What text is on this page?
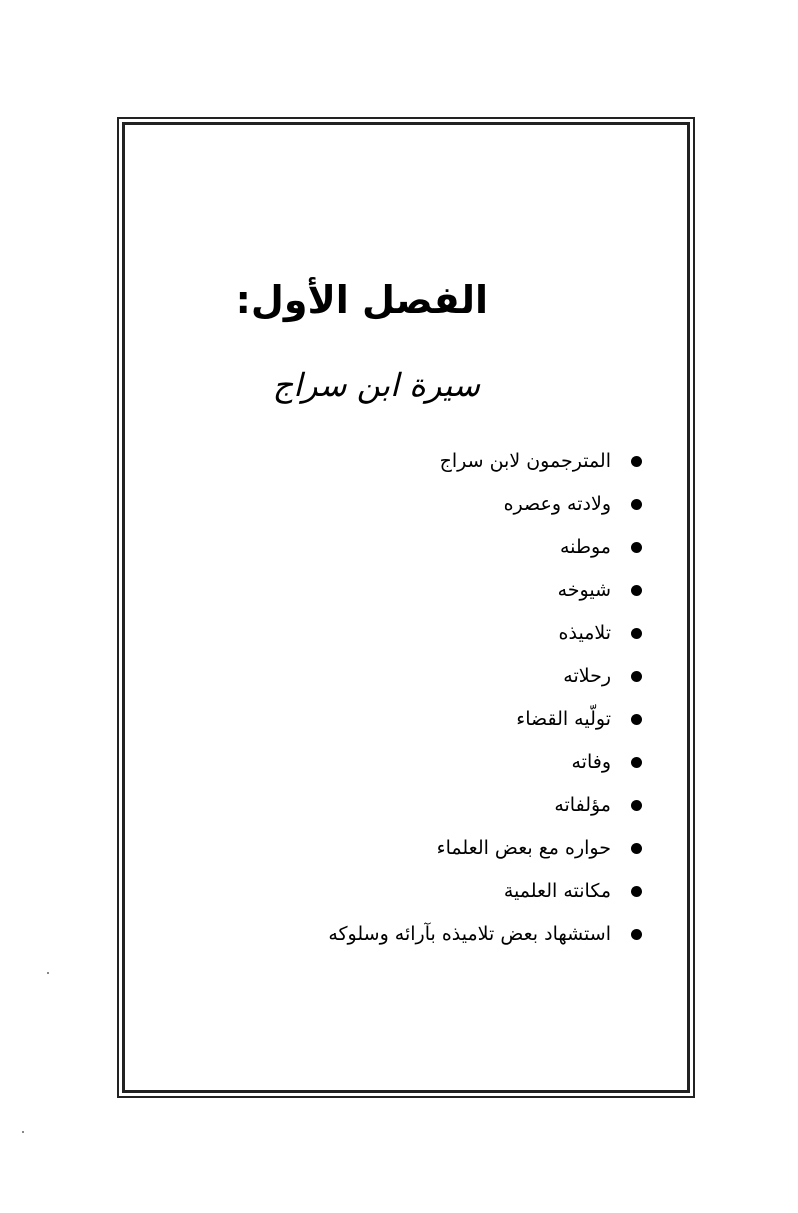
الفصل الأول:
سيرة ابن سراج
المترجمون لابن سراج
ولادته وعصره
موطنه
شيوخه
تلاميذه
رحلاته
تولّيه القضاء
وفاته
مؤلفاته
حواره مع بعض العلماء
مكانته العلمية
استشهاد بعض تلاميذه بآرائه وسلوكه
